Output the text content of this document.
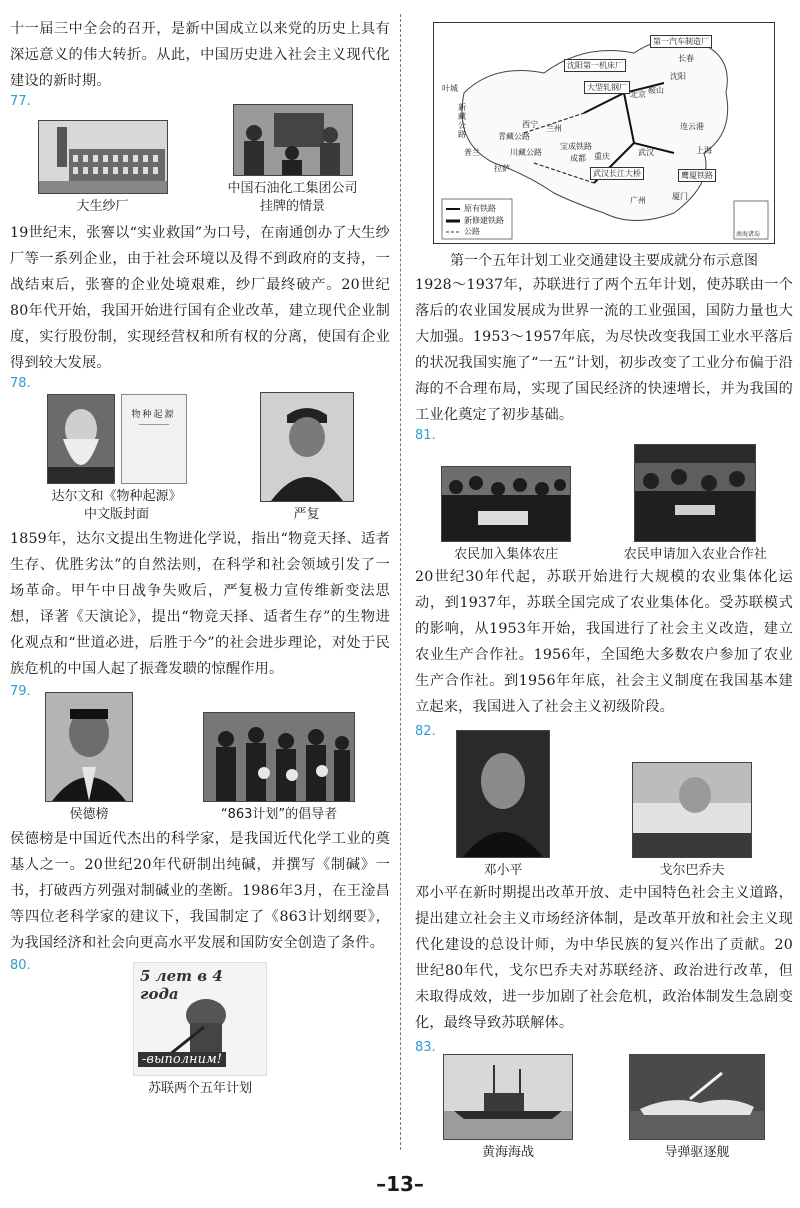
十一届三中全会的召开，是新中国成立以来党的历史上具有深远意义的伟大转折。从此，中国历史进入社会主义现代化建设的新时期。

77.
大生纱厂
中国石油化工集团公司挂牌的情景

19世纪末，张謇以“实业救国”为口号，在南通创办了大生纱厂等一系列企业，由于社会环境以及得不到政府的支持，一战结束后，张謇的企业处境艰难，纱厂最终破产。20世纪80年代开始，我国开始进行国有企业改革，建立现代企业制度，实行股份制，实现经营权和所有权的分离，使国有企业得到较大发展。

78.
物种起源
达尔文和《物种起源》中文版封面	严复

1859年，达尔文提出生物进化学说，指出“物竞天择、适者生存、优胜劣汰”的自然法则，在科学和社会领域引发了一场革命。甲午中日战争失败后，严复极力宣传维新变法思想，译著《天演论》，提出“物竞天择、适者生存”的生物进化观点和“世道必进，后胜于今”的社会进步理论，对处于民族危机的中国人起了振聋发聩的惊醒作用。

79.
侯德榜	“863计划”的倡导者

侯德榜是中国近代杰出的科学家，是我国近代化学工业的奠基人之一。20世纪20年代研制出纯碱，并撰写《制碱》一书，打破西方列强对制碱业的垄断。1986年3月，在王淦昌等四位老科学家的建议下，我国制定了《863计划纲要》，为我国经济和社会向更高水平发展和国防安全创造了条件。

80.
5 лет в 4 года
-выполним!
苏联两个五年计划
第一汽车制造厂
沈阳第一机床厂
大型轧钢厂
长春
沈阳
鞍山
北京
兰州
西宁
宝成铁路
连云港
武汉	上海
武汉长江大桥
成都 重庆
拉萨
广州	厦门
鹰厦铁路
川藏公路
青藏公路
新藏公路
叶城
普兰
南海诸岛
原有铁路
新修建铁路
公路
第一个五年计划工业交通建设主要成就分布示意图

1928～1937年，苏联进行了两个五年计划，使苏联由一个落后的农业国发展成为世界一流的工业强国，国防力量也大大加强。1953～1957年底，为尽快改变我国工业水平落后的状况我国实施了“一五”计划，初步改变了工业分布偏于沿海的不合理布局，实现了国民经济的快速增长，并为我国的工业化奠定了初步基础。

81.
农民加入集体农庄	农民申请加入农业合作社

20世纪30年代起，苏联开始进行大规模的农业集体化运动，到1937年，苏联全国完成了农业集体化。受苏联模式的影响，从1953年开始，我国进行了社会主义改造，建立农业生产合作社。1956年，全国绝大多数农户参加了农业生产合作社。到1956年年底，社会主义制度在我国基本建立起来，我国进入了社会主义初级阶段。

82.
邓小平	戈尔巴乔夫

邓小平在新时期提出改革开放、走中国特色社会主义道路，提出建立社会主义市场经济体制，是改革开放和社会主义现代化建设的总设计师，为中华民族的复兴作出了贡献。20世纪80年代，戈尔巴乔夫对苏联经济、政治进行改革，但未取得成效，进一步加剧了社会危机，政治体制发生急剧变化，最终导致苏联解体。

83.
黄海海战	导弹驱逐舰
–13–
